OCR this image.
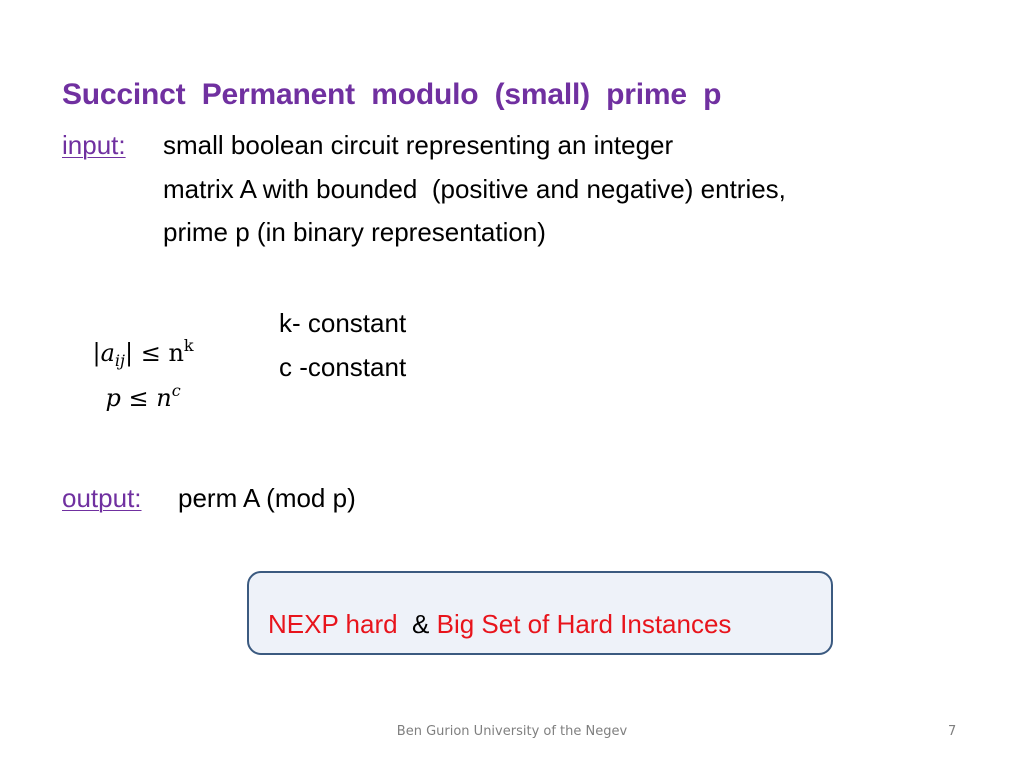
Succinct  Permanent  modulo  (small)  prime  p
input: small boolean circuit representing an integer
matrix A with bounded  (positive and negative) entries,
prime p (in binary representation)

$|a_{ij}| \le n^k$

k- constant

$p \le n^c$

c -constant
output: perm A (mod p)
NEXP hard  & Big Set of Hard Instances
Ben Gurion University of the Negev	7
